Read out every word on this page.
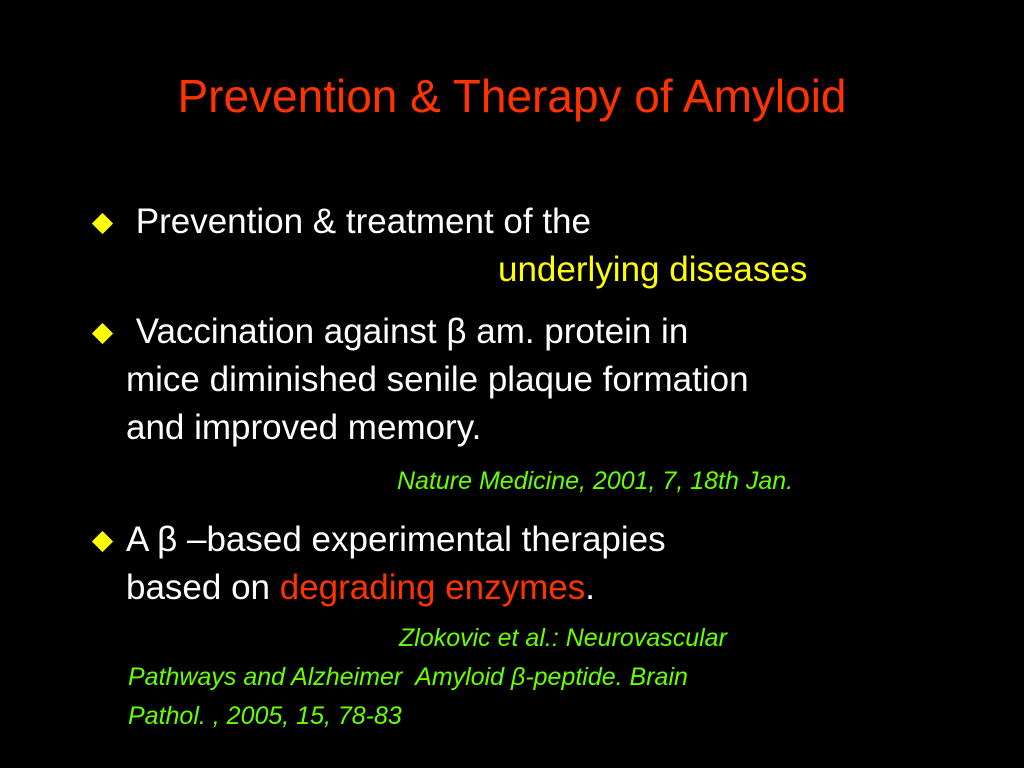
Prevention & Therapy of Amyloid
Prevention & treatment of the
underlying diseases
Vaccination against β am. protein in
mice diminished senile plaque formation
and improved memory.
Nature Medicine, 2001, 7, 18th Jan.
A β –based experimental therapies
based on degrading enzymes.
Zlokovic et al.: Neurovascular
Pathways and Alzheimer  Amyloid β-peptide. Brain
Pathol. , 2005, 15, 78-83
